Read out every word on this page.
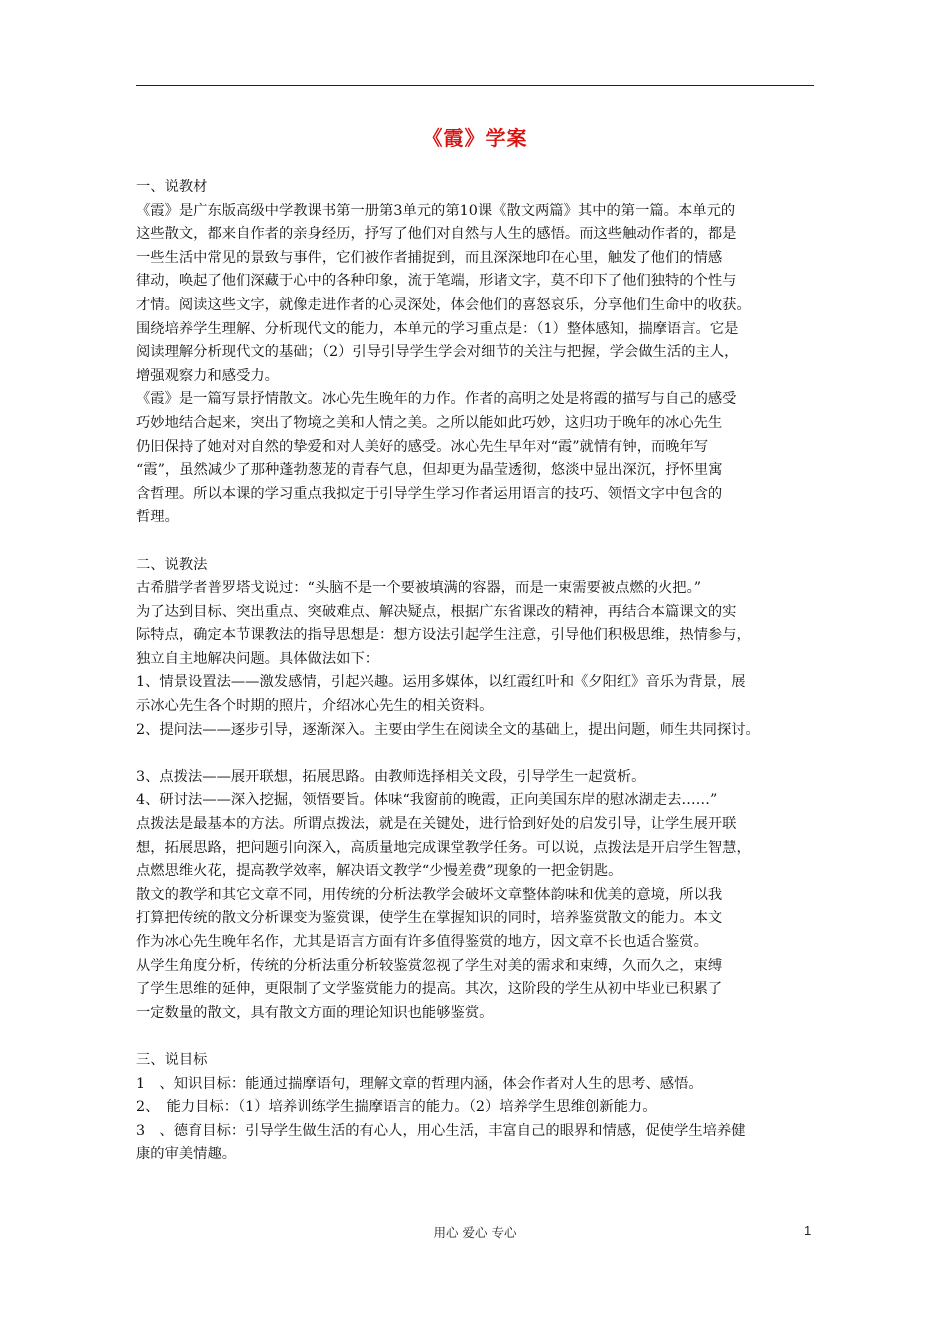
《霞》学案
一、说教材
《霞》是广东版高级中学教课书第一册第3单元的第10课《散文两篇》其中的第一篇。本单元的
这些散文，都来自作者的亲身经历，抒写了他们对自然与人生的感悟。而这些触动作者的，都是
一些生活中常见的景致与事件，它们被作者捕捉到，而且深深地印在心里，触发了他们的情感
律动，唤起了他们深藏于心中的各种印象，流于笔端，形诸文字，莫不印下了他们独特的个性与
才情。阅读这些文字，就像走进作者的心灵深处，体会他们的喜怒哀乐，分享他们生命中的收获。
围绕培养学生理解、分析现代文的能力，本单元的学习重点是：（1）整体感知，揣摩语言。它是
阅读理解分析现代文的基础；（2）引导引导学生学会对细节的关注与把握，学会做生活的主人，
增强观察力和感受力。
《霞》是一篇写景抒情散文。冰心先生晚年的力作。作者的高明之处是将霞的描写与自己的感受
巧妙地结合起来，突出了物境之美和人情之美。之所以能如此巧妙，这归功于晚年的冰心先生
仍旧保持了她对对自然的挚爱和对人美好的感受。冰心先生早年对“霞”就情有钟，而晚年写
“霞”，虽然减少了那种蓬勃葱茏的青春气息，但却更为晶莹透彻，悠淡中显出深沉，抒怀里寓
含哲理。所以本课的学习重点我拟定于引导学生学习作者运用语言的技巧、领悟文字中包含的
哲理。
二、说教法
古希腊学者普罗塔戈说过：“头脑不是一个要被填满的容器，而是一束需要被点燃的火把。”
为了达到目标、突出重点、突破难点、解决疑点，根据广东省课改的精神，再结合本篇课文的实
际特点，确定本节课教法的指导思想是：想方设法引起学生注意，引导他们积极思维，热情参与，
独立自主地解决问题。具体做法如下：
1、情景设置法——激发感情，引起兴趣。运用多媒体，以红霞红叶和《夕阳红》音乐为背景，展
示冰心先生各个时期的照片，介绍冰心先生的相关资料。
2、提问法——逐步引导，逐渐深入。主要由学生在阅读全文的基础上，提出问题，师生共同探讨。
3、点拨法——展开联想，拓展思路。由教师选择相关文段，引导学生一起赏析。
4、研讨法——深入挖掘，领悟要旨。体味“我窗前的晚霞，正向美国东岸的慰冰湖走去……”
点拨法是最基本的方法。所谓点拨法，就是在关键处，进行恰到好处的启发引导，让学生展开联
想，拓展思路，把问题引向深入，高质量地完成课堂教学任务。可以说，点拨法是开启学生智慧，
点燃思维火花，提高教学效率，解决语文教学“少慢差费”现象的一把金钥匙。
散文的教学和其它文章不同，用传统的分析法教学会破坏文章整体韵味和优美的意境，所以我
打算把传统的散文分析课变为鉴赏课，使学生在掌握知识的同时，培养鉴赏散文的能力。本文
作为冰心先生晚年名作，尤其是语言方面有许多值得鉴赏的地方，因文章不长也适合鉴赏。
从学生角度分析，传统的分析法重分析较鉴赏忽视了学生对美的需求和束缚，久而久之，束缚
了学生思维的延伸，更限制了文学鉴赏能力的提高。其次，这阶段的学生从初中毕业已积累了
一定数量的散文，具有散文方面的理论知识也能够鉴赏。
三、说目标
1　、知识目标：能通过揣摩语句，理解文章的哲理内涵，体会作者对人生的思考、感悟。
2、　能力目标：（1）培养训练学生揣摩语言的能力。（2）培养学生思维创新能力。
3　、德育目标：引导学生做生活的有心人，用心生活，丰富自己的眼界和情感，促使学生培养健
康的审美情趣。
用心 爱心 专心	1
